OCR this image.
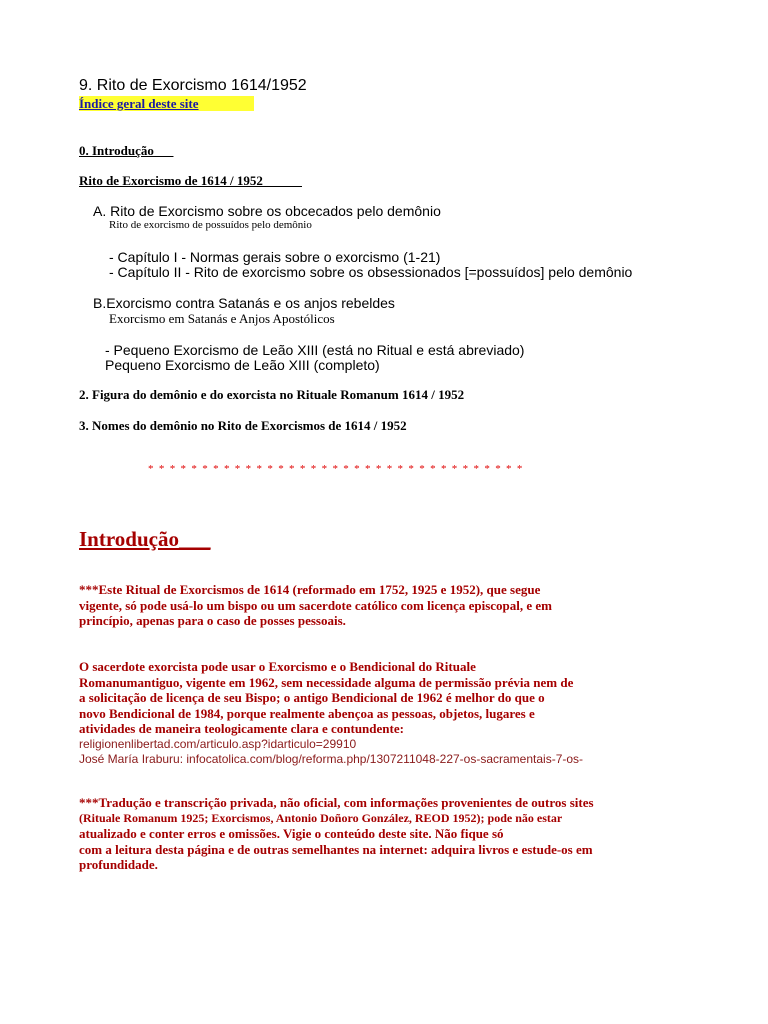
9. Rito de Exorcismo 1614/1952
Índice geral deste site
0. Introdução___
Rito de Exorcismo de 1614 / 1952______
A. Rito de Exorcismo sobre os obcecados pelo demônio
Rito de exorcismo de possuídos pelo demônio
- Capítulo I - Normas gerais sobre o exorcismo (1-21)
- Capítulo II - Rito de exorcismo sobre os obsessionados [=possuídos] pelo demônio
B.Exorcismo contra Satanás e os anjos rebeldes
Exorcismo em Satanás e Anjos Apostólicos
- Pequeno Exorcismo de Leão XIII (está no Ritual e está abreviado)
Pequeno Exorcismo de Leão XIII (completo)
2. Figura do demônio e do exorcista no Rituale Romanum 1614 / 1952
3. Nomes do demônio no Rito de Exorcismos de 1614 / 1952
* * * * * * * * * * * * * * * * * * * * * * * * * * * * * * * * * * *
Introdução___
***Este Ritual de Exorcismos de 1614 (reformado em 1752, 1925 e 1952), que segue
vigente, só pode usá-lo um bispo ou um sacerdote católico com licença episcopal, e em
princípio, apenas para o caso de posses pessoais.
O sacerdote exorcista pode usar o Exorcismo e o Bendicional do Rituale
Romanumantiguo, vigente em 1962, sem necessidade alguma de permissão prévia nem de
a solicitação de licença de seu Bispo; o antigo Bendicional de 1962 é melhor do que o
novo Bendicional de 1984, porque realmente abençoa as pessoas, objetos, lugares e
atividades de maneira teologicamente clara e contundente:
religionenlibertad.com/articulo.asp?idarticulo=29910
José María Iraburu: infocatolica.com/blog/reforma.php/1307211048-227-os-sacramentais-7-os-
***Tradução e transcrição privada, não oficial, com informações provenientes de outros sites
(Rituale Romanum 1925; Exorcismos, Antonio Doñoro González, REOD 1952); pode não estar
atualizado e conter erros e omissões. Vigie o conteúdo deste site. Não fique só
com a leitura desta página e de outras semelhantes na internet: adquira livros e estude-os em
profundidade.
